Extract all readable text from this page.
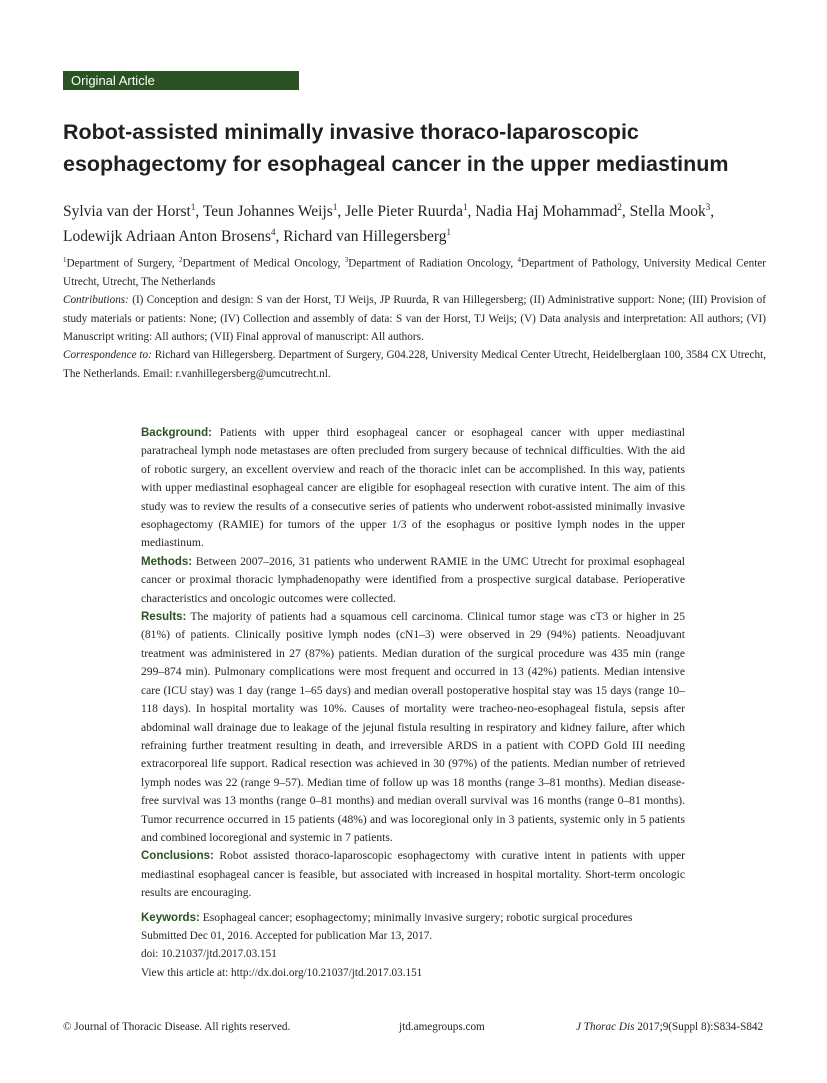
Original Article
Robot-assisted minimally invasive thoraco-laparoscopic esophagectomy for esophageal cancer in the upper mediastinum

Sylvia van der Horst$^1$, Teun Johannes Weijs$^1$, Jelle Pieter Ruurda$^1$, Nadia Haj Mohammad$^2$, Stella Mook$^3$,
Lodewijk Adriaan Anton Brosens$^4$, Richard van Hillegersberg$^1$

$^1$Department of Surgery, $^2$Department of Medical Oncology, $^3$Department of Radiation Oncology, $^4$Department of Pathology, University Medical Center Utrecht, Utrecht, The Netherlands
Contributions: (I) Conception and design: S van der Horst, TJ Weijs, JP Ruurda, R van Hillegersberg; (II) Administrative support: None; (III) Provision of study materials or patients: None; (IV) Collection and assembly of data: S van der Horst, TJ Weijs; (V) Data analysis and interpretation: All authors; (VI) Manuscript writing: All authors; (VII) Final approval of manuscript: All authors.
Correspondence to: Richard van Hillegersberg. Department of Surgery, G04.228, University Medical Center Utrecht, Heidelberglaan 100, 3584 CX Utrecht, The Netherlands. Email: r.vanhillegersberg@umcutrecht.nl.

Background: Patients with upper third esophageal cancer or esophageal cancer with upper mediastinal paratracheal lymph node metastases are often precluded from surgery because of technical difficulties. With the aid of robotic surgery, an excellent overview and reach of the thoracic inlet can be accomplished. In this way, patients with upper mediastinal esophageal cancer are eligible for esophageal resection with curative intent. The aim of this study was to review the results of a consecutive series of patients who underwent robot-assisted minimally invasive esophagectomy (RAMIE) for tumors of the upper 1/3 of the esophagus or positive lymph nodes in the upper mediastinum.

Methods: Between 2007–2016, 31 patients who underwent RAMIE in the UMC Utrecht for proximal esophageal cancer or proximal thoracic lymphadenopathy were identified from a prospective surgical database. Perioperative characteristics and oncologic outcomes were collected.

Results: The majority of patients had a squamous cell carcinoma. Clinical tumor stage was cT3 or higher in 25 (81%) of patients. Clinically positive lymph nodes (cN1–3) were observed in 29 (94%) patients. Neoadjuvant treatment was administered in 27 (87%) patients. Median duration of the surgical procedure was 435 min (range 299–874 min). Pulmonary complications were most frequent and occurred in 13 (42%) patients. Median intensive care (ICU stay) was 1 day (range 1–65 days) and median overall postoperative hospital stay was 15 days (range 10–118 days). In hospital mortality was 10%. Causes of mortality were tracheo-neo-esophageal fistula, sepsis after abdominal wall drainage due to leakage of the jejunal fistula resulting in respiratory and kidney failure, after which refraining further treatment resulting in death, and irreversible ARDS in a patient with COPD Gold III needing extracorporeal life support. Radical resection was achieved in 30 (97%) of the patients. Median number of retrieved lymph nodes was 22 (range 9–57). Median time of follow up was 18 months (range 3–81 months). Median disease-free survival was 13 months (range 0–81 months) and median overall survival was 16 months (range 0–81 months). Tumor recurrence occurred in 15 patients (48%) and was locoregional only in 3 patients, systemic only in 5 patients and combined locoregional and systemic in 7 patients.

Conclusions: Robot assisted thoraco-laparoscopic esophagectomy with curative intent in patients with upper mediastinal esophageal cancer is feasible, but associated with increased in hospital mortality. Short-term oncologic results are encouraging.

Keywords: Esophageal cancer; esophagectomy; minimally invasive surgery; robotic surgical procedures

Submitted Dec 01, 2016. Accepted for publication Mar 13, 2017.
doi: 10.21037/jtd.2017.03.151
View this article at: http://dx.doi.org/10.21037/jtd.2017.03.151
© Journal of Thoracic Disease. All rights reserved.	jtd.amegroups.com	J Thorac Dis 2017;9(Suppl 8):S834-S842
